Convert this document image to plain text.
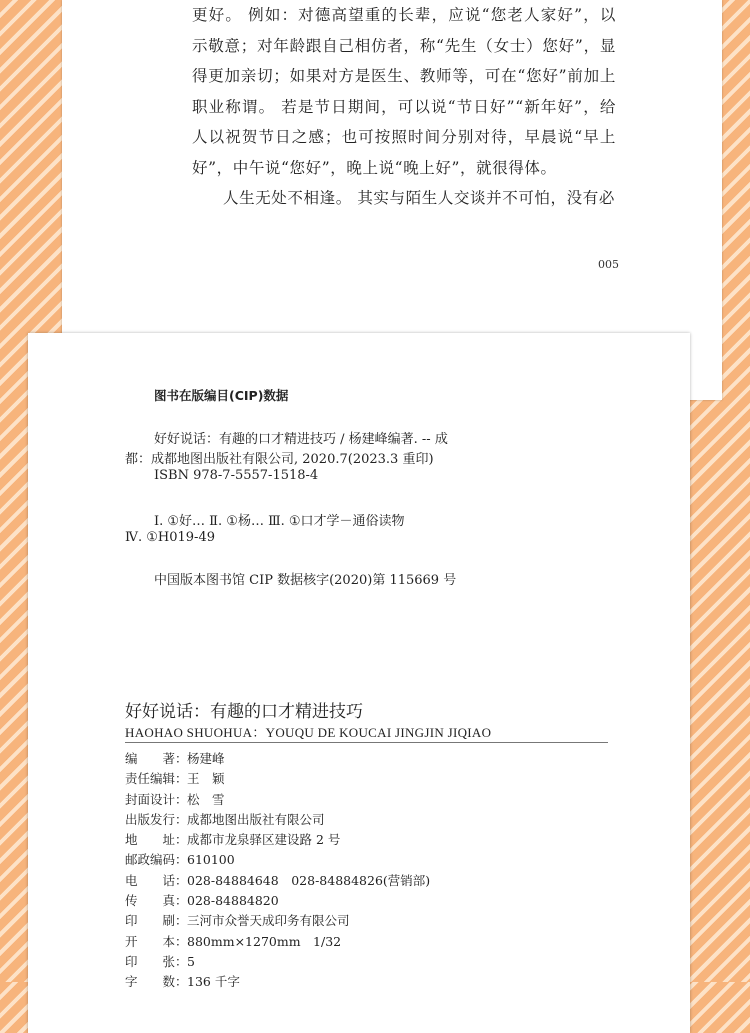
更好。 例如：对德高望重的长辈，应说“您老人家好”，以示敬意；对年龄跟自己相仿者，称“先生（女士）您好”，显得更加亲切；如果对方是医生、教师等，可在“您好”前加上职业称谓。 若是节日期间，可以说“节日好”“新年好”，给人以祝贺节日之感；也可按照时间分别对待，早晨说“早上好”，中午说“您好”，晚上说“晚上好”，就很得体。

人生无处不相逢。 其实与陌生人交谈并不可怕，没有必

005
图书在版编目(CIP)数据
好好说话：有趣的口才精进技巧 / 杨建峰编著. -- 成
都：成都地图出版社有限公司, 2020.7(2023.3 重印)
ISBN 978-7-5557-1518-4
Ⅰ. ①好… Ⅱ. ①杨… Ⅲ. ①口才学－通俗读物
Ⅳ. ①H019-49
中国版本图书馆 CIP 数据核字(2020)第 115669 号
好好说话：有趣的口才精进技巧
HAOHAO SHUOHUA：YOUQU DE KOUCAI JINGJIN JIQIAO
编　　著： 杨建峰
责任编辑： 王　颖
封面设计： 松　雪
出版发行： 成都地图出版社有限公司
地　　址： 成都市龙泉驿区建设路 2 号
邮政编码： 610100
电　　话： 028-84884648　028-84884826(营销部)
传　　真： 028-84884820
印　　刷： 三河市众誉天成印务有限公司
开　　本： 880mm×1270mm　1/32
印　　张： 5
字　　数： 136 千字
